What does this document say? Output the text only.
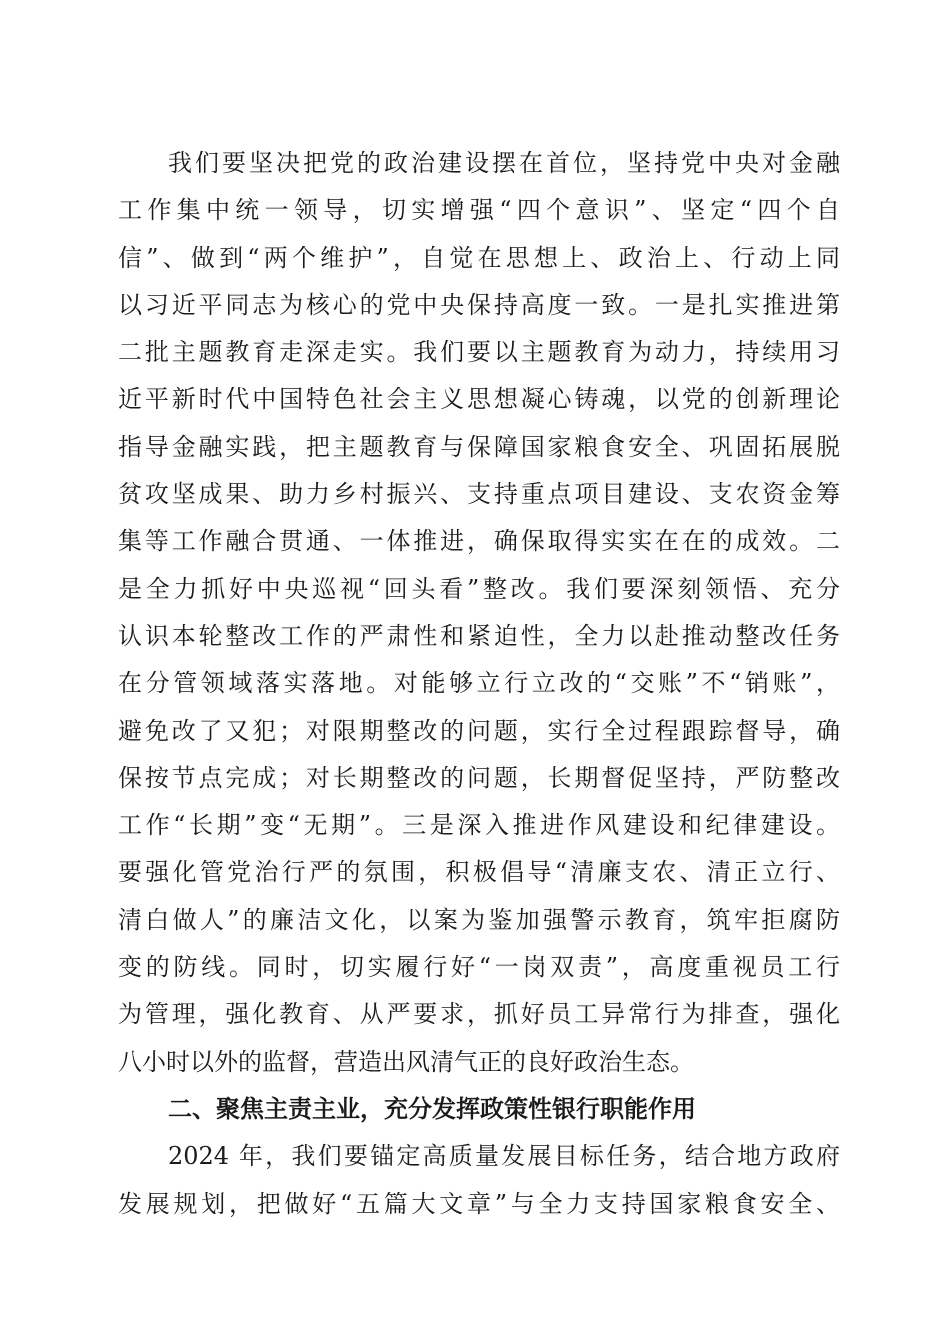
我们要坚决把党的政治建设摆在首位，坚持党中央对金融
工作集中统一领导，切实增强“四个意识”、坚定“四个自
信”、做到“两个维护”，自觉在思想上、政治上、行动上同
以习近平同志为核心的党中央保持高度一致。一是扎实推进第
二批主题教育走深走实。我们要以主题教育为动力，持续用习
近平新时代中国特色社会主义思想凝心铸魂，以党的创新理论
指导金融实践，把主题教育与保障国家粮食安全、巩固拓展脱
贫攻坚成果、助力乡村振兴、支持重点项目建设、支农资金筹
集等工作融合贯通、一体推进，确保取得实实在在的成效。二
是全力抓好中央巡视“回头看”整改。我们要深刻领悟、充分
认识本轮整改工作的严肃性和紧迫性，全力以赴推动整改任务
在分管领域落实落地。对能够立行立改的“交账”不“销账”，
避免改了又犯；对限期整改的问题，实行全过程跟踪督导，确
保按节点完成；对长期整改的问题，长期督促坚持，严防整改
工作“长期”变“无期”。三是深入推进作风建设和纪律建设。
要强化管党治行严的氛围，积极倡导“清廉支农、清正立行、
清白做人”的廉洁文化，以案为鉴加强警示教育，筑牢拒腐防
变的防线。同时，切实履行好“一岗双责”，高度重视员工行
为管理，强化教育、从严要求，抓好员工异常行为排查，强化
八小时以外的监督，营造出风清气正的良好政治生态。
二、聚焦主责主业，充分发挥政策性银行职能作用
2024 年，我们要锚定高质量发展目标任务，结合地方政府
发展规划，把做好“五篇大文章”与全力支持国家粮食安全、
